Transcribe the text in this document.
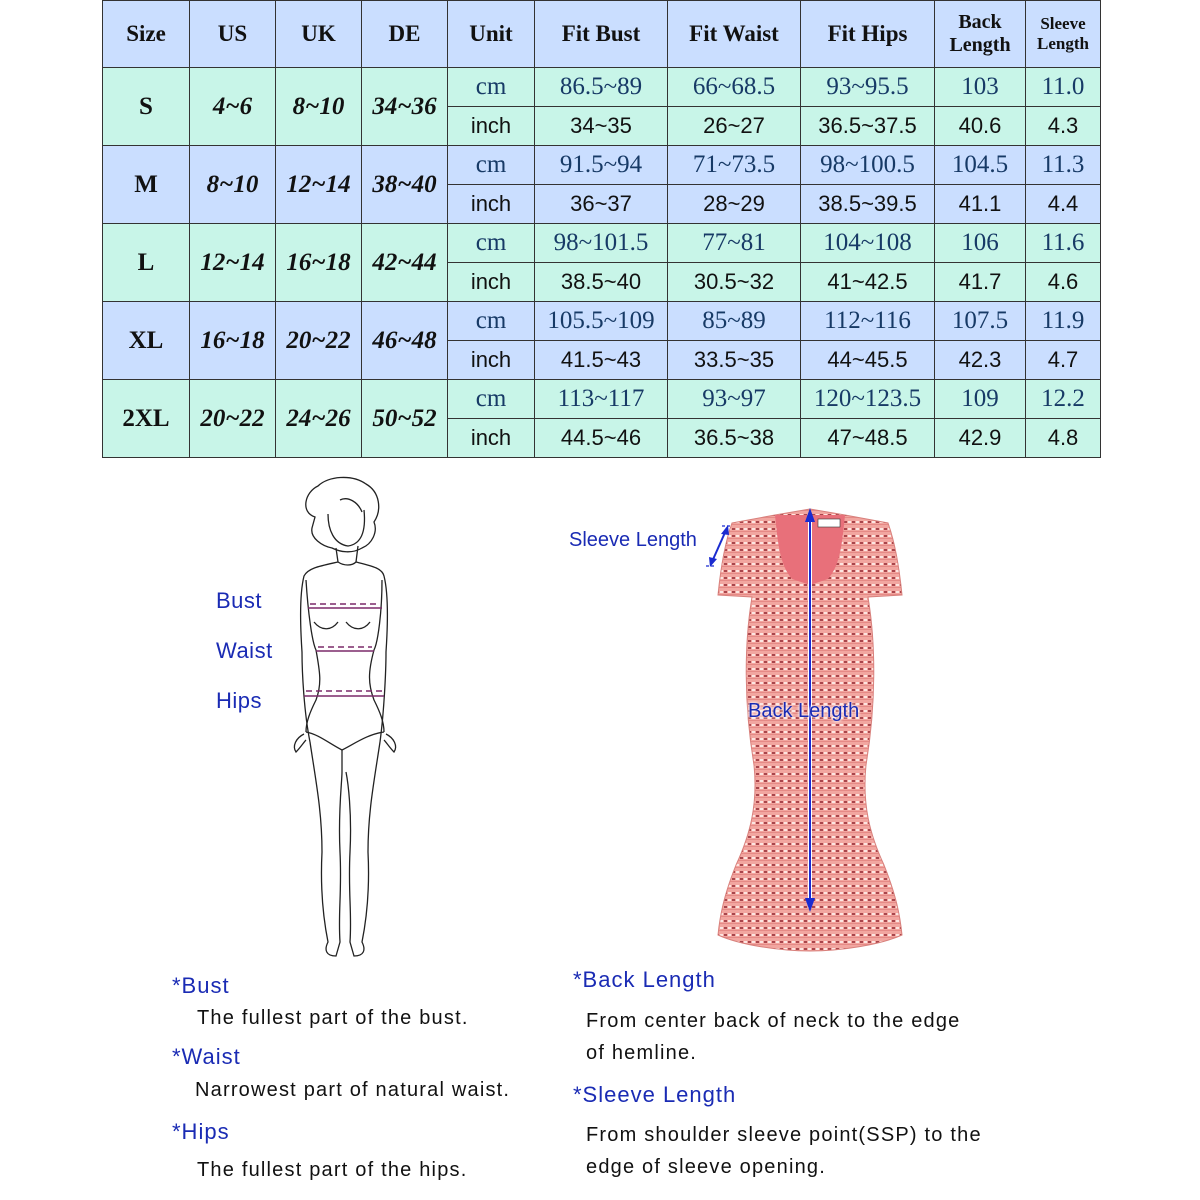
Size	US	UK	DE	Unit	Fit Bust	Fit Waist	Fit Hips	Back Length	Sleeve Length
S	4~6	8~10	34~36	cm	86.5~89	66~68.5	93~95.5	103	11.0
				inch	34~35	26~27	36.5~37.5	40.6	4.3
M	8~10	12~14	38~40	cm	91.5~94	71~73.5	98~100.5	104.5	11.3
				inch	36~37	28~29	38.5~39.5	41.1	4.4
L	12~14	16~18	42~44	cm	98~101.5	77~81	104~108	106	11.6
				inch	38.5~40	30.5~32	41~42.5	41.7	4.6
XL	16~18	20~22	46~48	cm	105.5~109	85~89	112~116	107.5	11.9
				inch	41.5~43	33.5~35	44~45.5	42.3	4.7
2XL	20~22	24~26	50~52	cm	113~117	93~97	120~123.5	109	12.2
				inch	44.5~46	36.5~38	47~48.5	42.9	4.8
Bust
Waist
Hips
Sleeve Length
Back Length
*Bust
The fullest part of the bust.
*Waist
Narrowest part of natural waist.
*Hips
The fullest part of the hips.
*Back Length
From center back of neck to the edge
of hemline.
*Sleeve Length
From shoulder sleeve point(SSP) to the
edge of sleeve opening.
